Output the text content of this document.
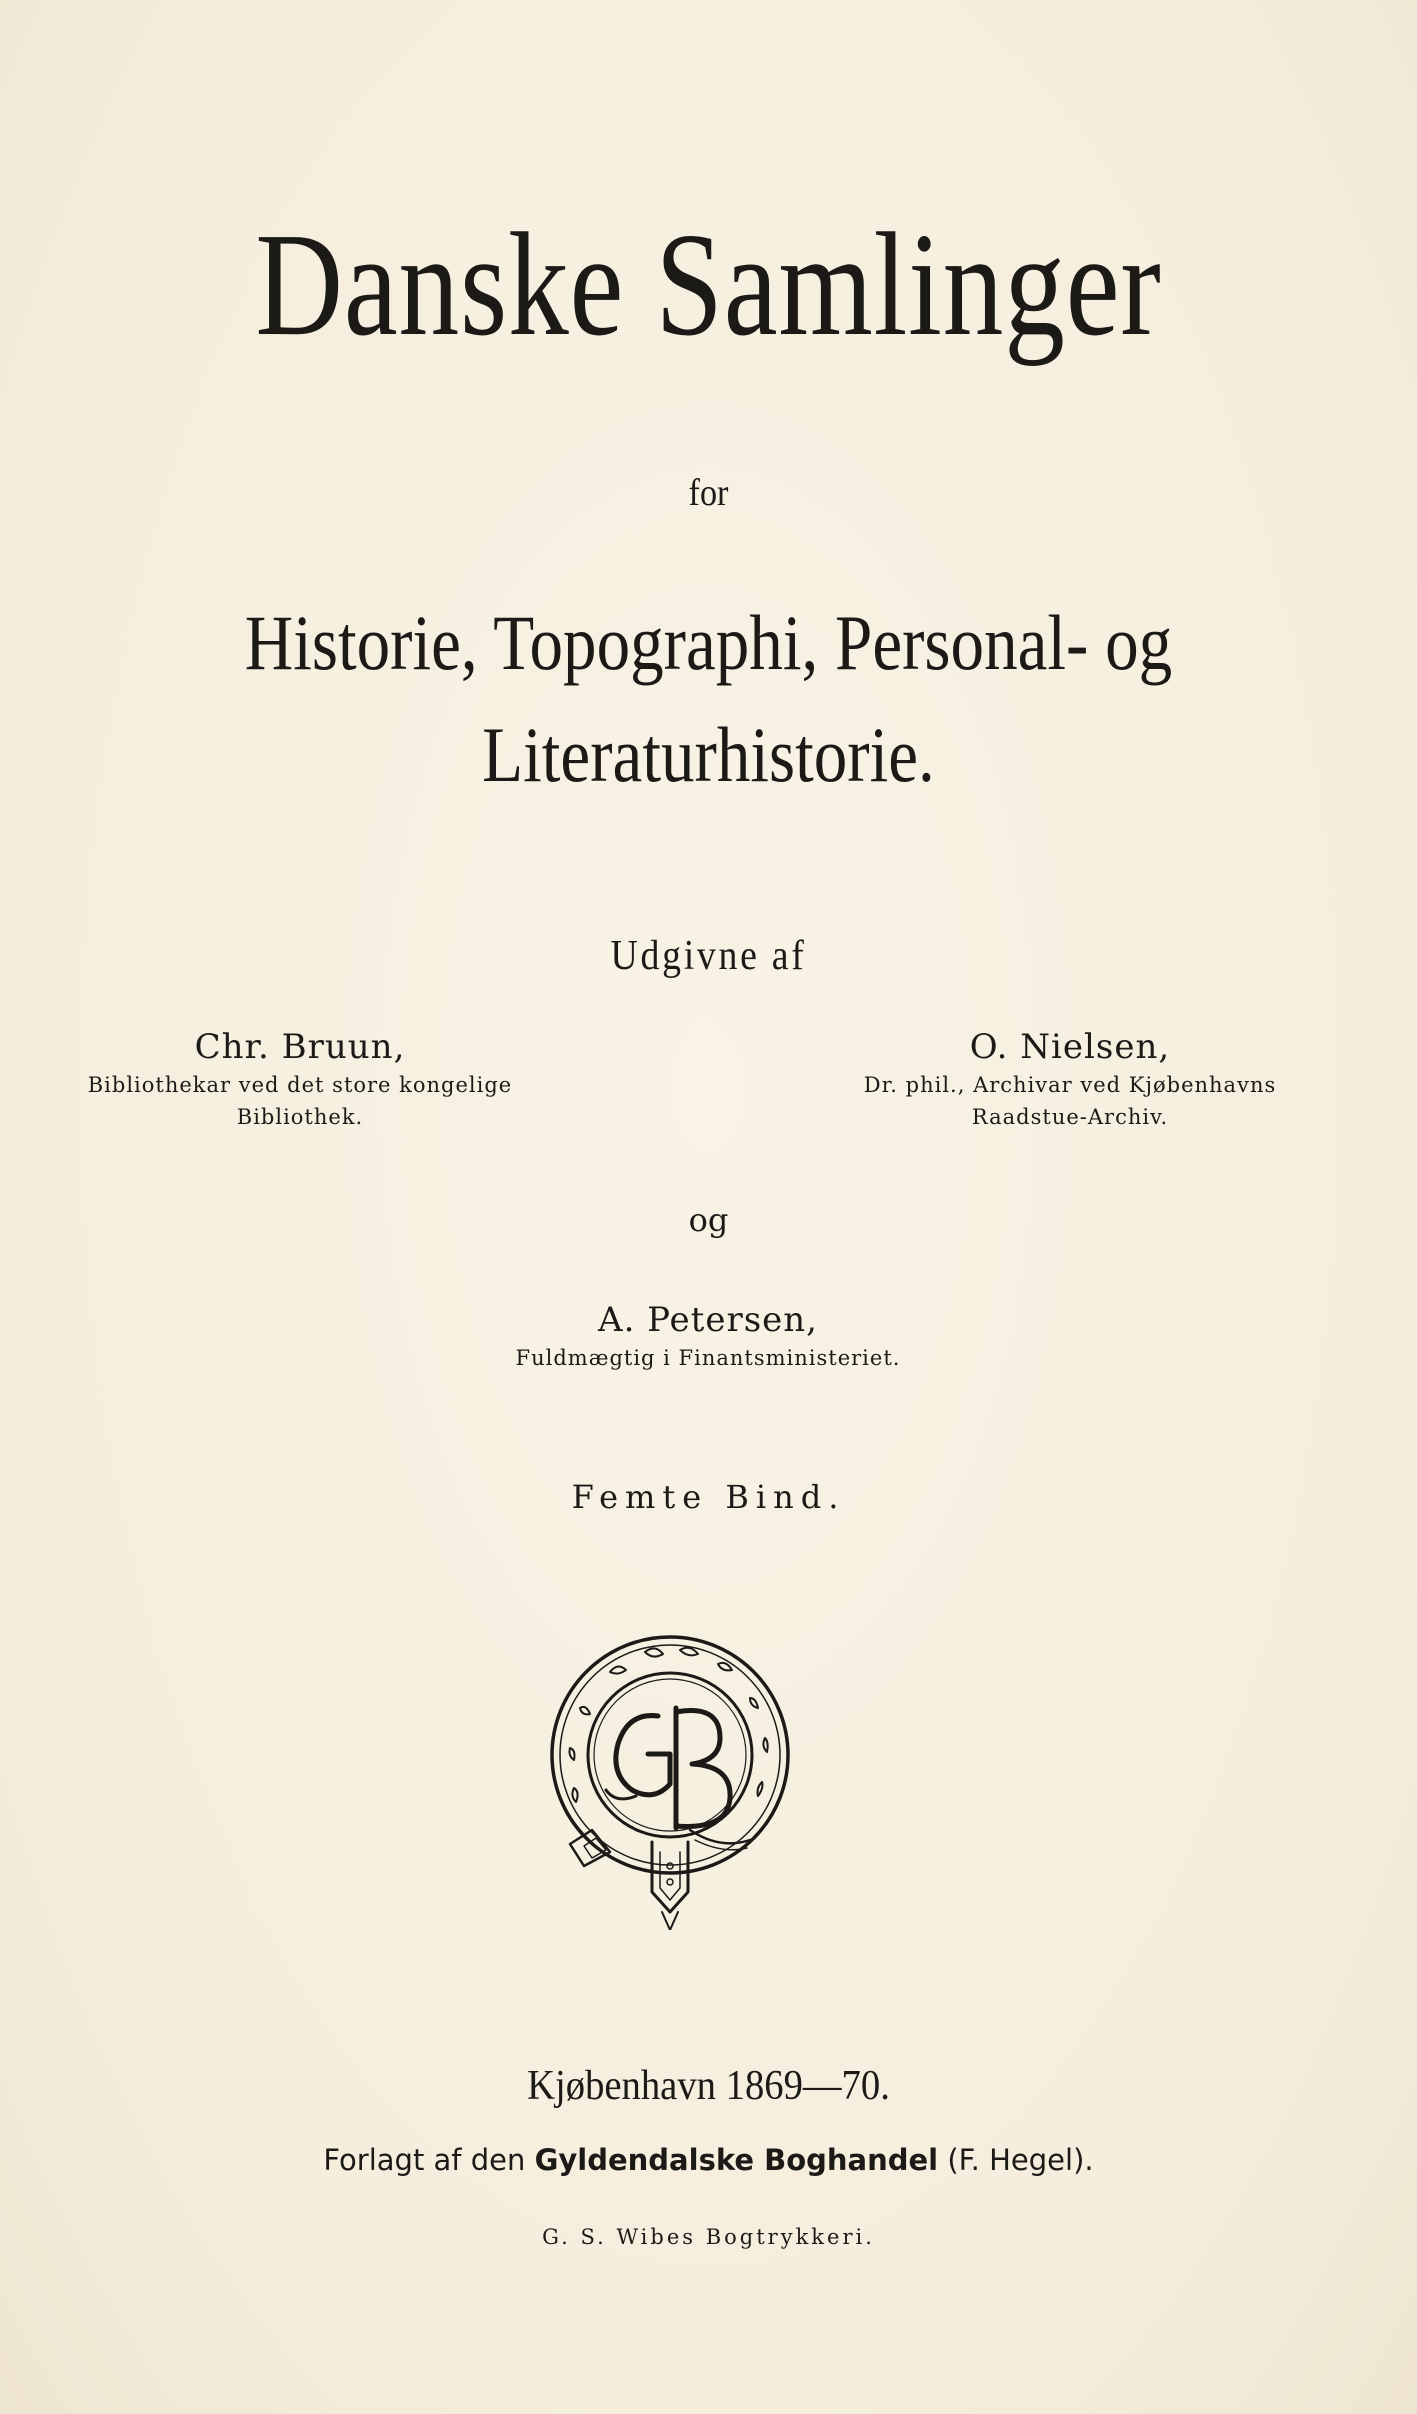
Danske Samlinger
for
Historie, Topographi, Personal- og
Literaturhistorie.
Udgivne af
Chr. Bruun,
Bibliothekar ved det store kongelige
Bibliothek.
O. Nielsen,
Dr. phil., Archivar ved Kjøbenhavns
Raadstue-Archiv.
og
A. Petersen,
Fuldmægtig i Finantsministeriet.
Femte Bind.
Kjøbenhavn 1869—70.
Forlagt af den Gyldendalske Boghandel (F. Hegel).
G. S. Wibes Bogtrykkeri.
